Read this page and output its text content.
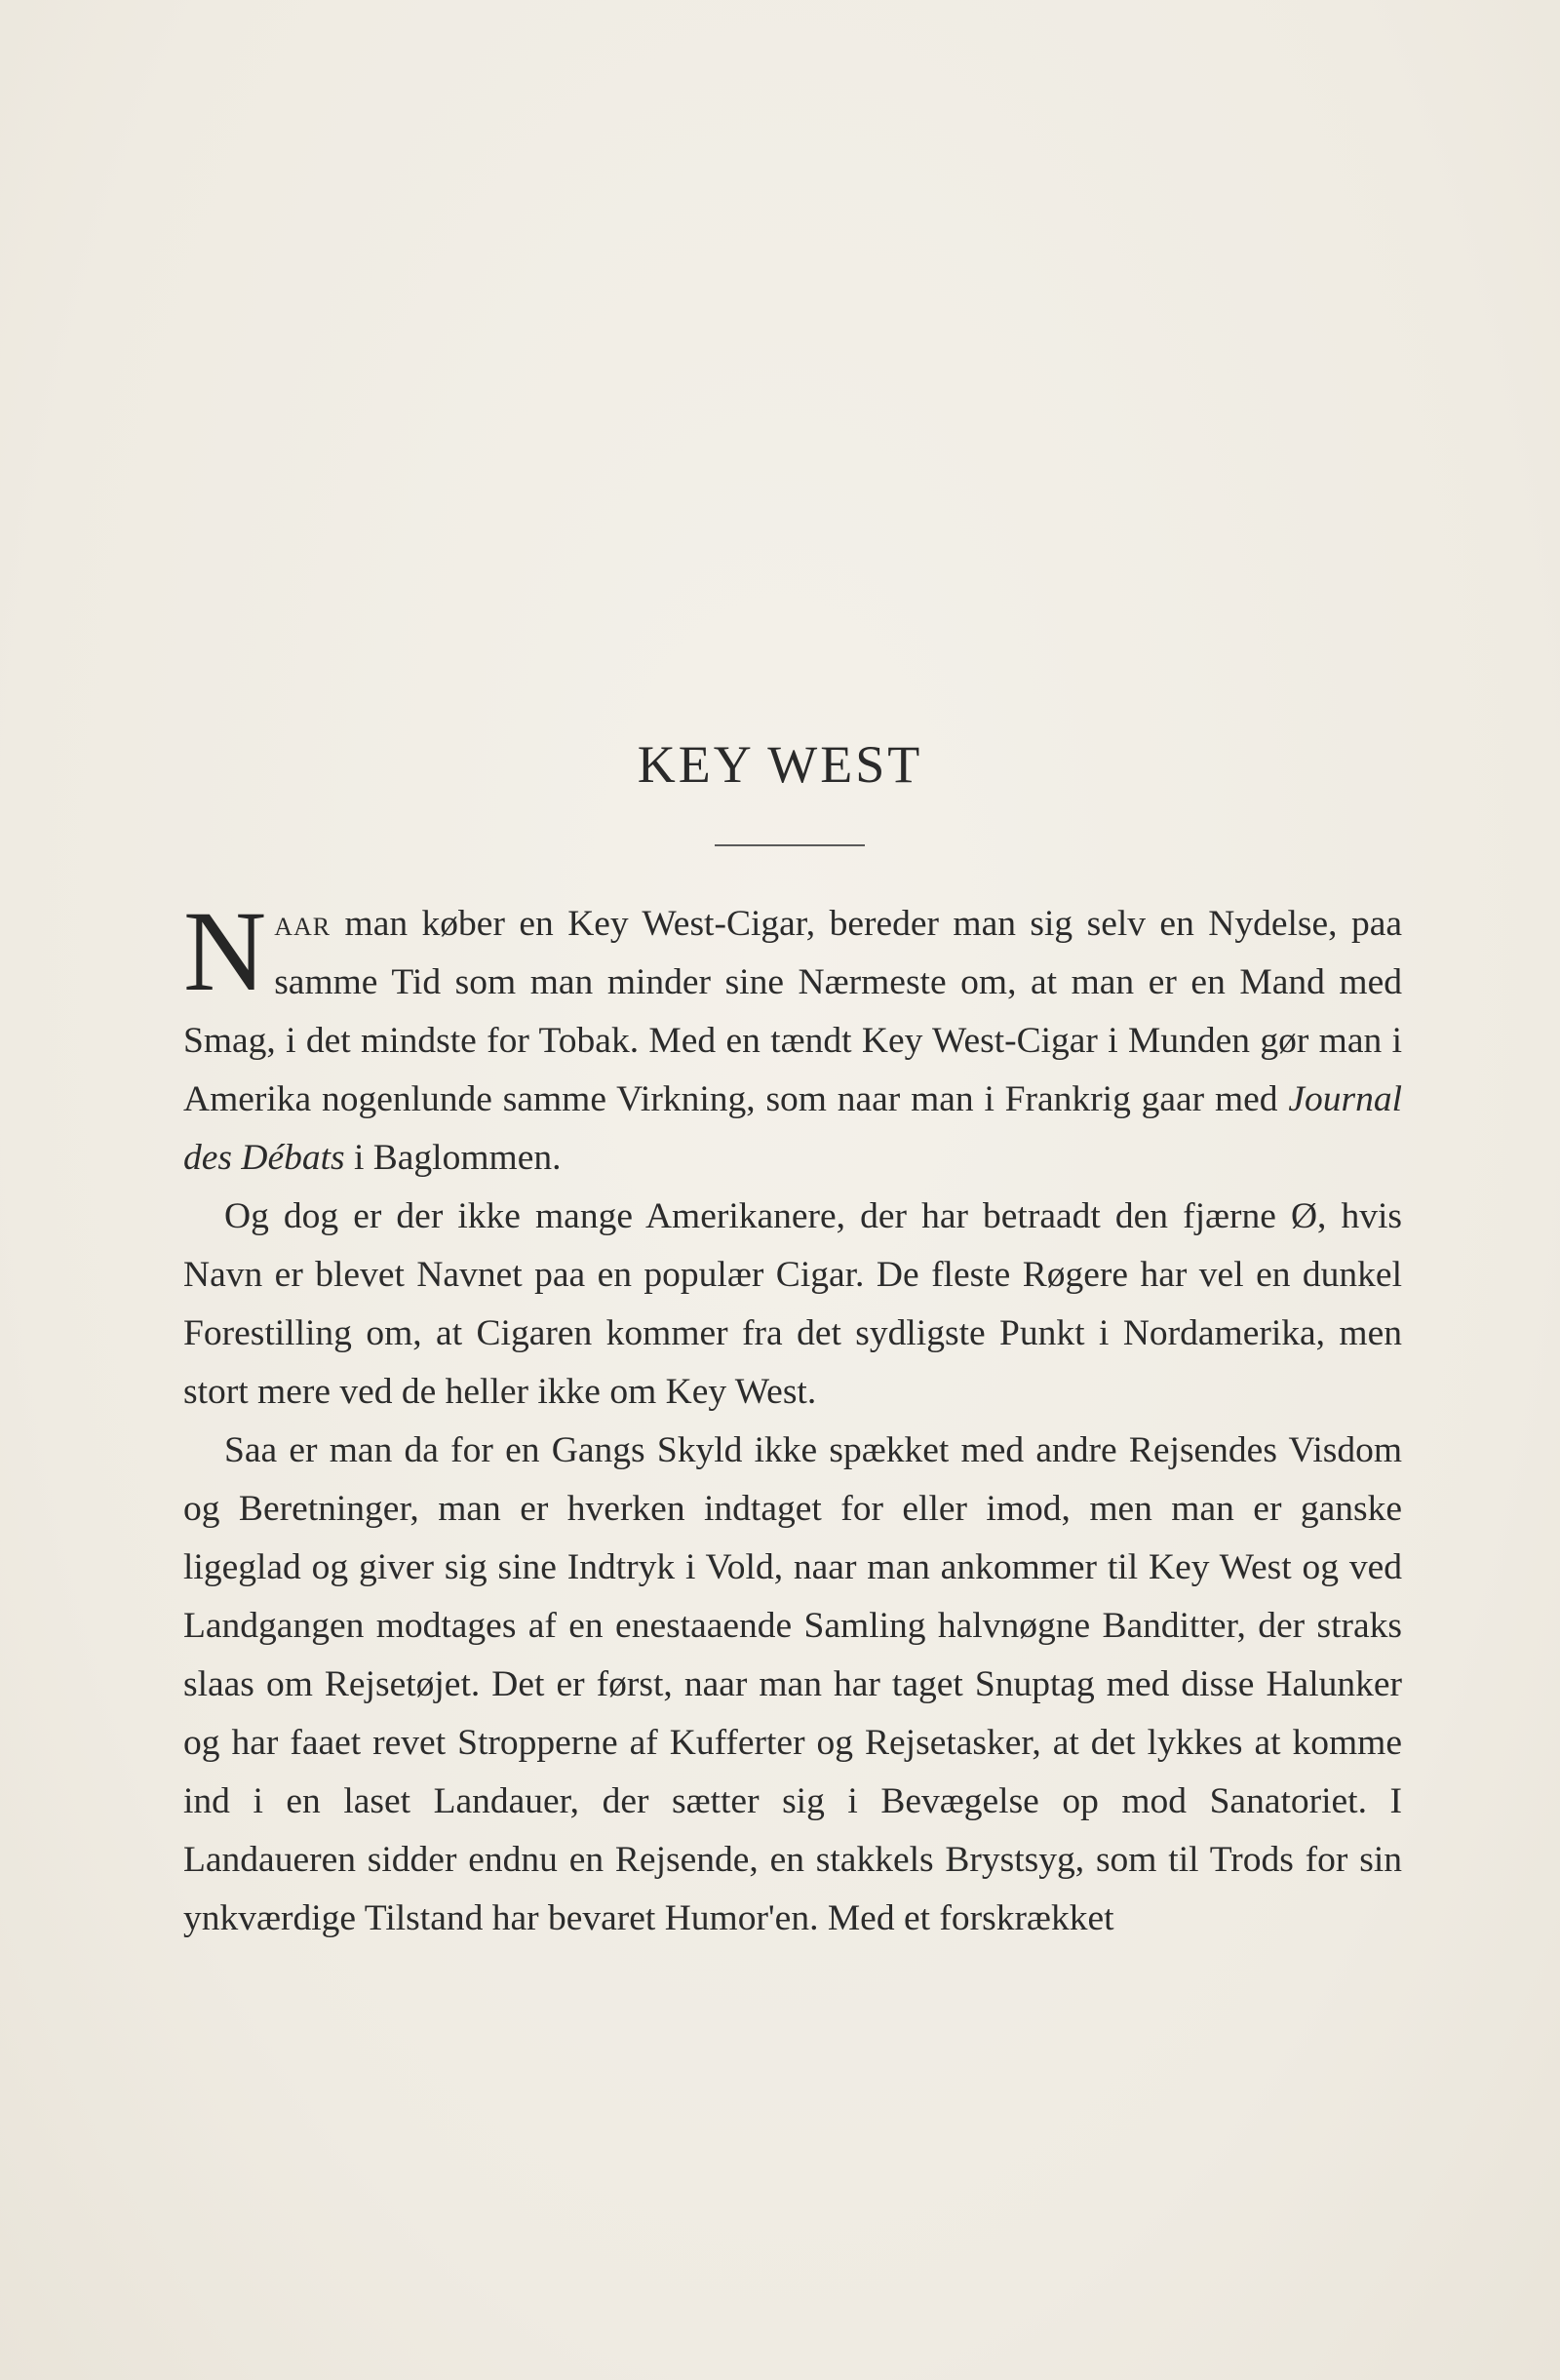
KEY WEST

Naar man køber en Key West-Cigar, bereder man sig selv en Nydelse, paa samme Tid som man minder sine Nærmeste om, at man er en Mand med Smag, i det mindste for Tobak. Med en tændt Key West-Cigar i Munden gør man i Amerika nogenlunde samme Virkning, som naar man i Frankrig gaar med Journal des Débats i Baglommen.

Og dog er der ikke mange Amerikanere, der har betraadt den fjærne Ø, hvis Navn er blevet Navnet paa en populær Cigar. De fleste Røgere har vel en dunkel Forestilling om, at Cigaren kommer fra det sydligste Punkt i Nordamerika, men stort mere ved de heller ikke om Key West.

Saa er man da for en Gangs Skyld ikke spækket med andre Rejsendes Visdom og Beretninger, man er hverken indtaget for eller imod, men man er ganske ligeglad og giver sig sine Indtryk i Vold, naar man ankommer til Key West og ved Landgangen modtages af en enestaaende Samling halvnøgne Banditter, der straks slaas om Rejsetøjet. Det er først, naar man har taget Snuptag med disse Halunker og har faaet revet Stropperne af Kufferter og Rejsetasker, at det lykkes at komme ind i en laset Landauer, der sætter sig i Bevægelse op mod Sanatoriet. I Landaueren sidder endnu en Rejsende, en stakkels Brystsyg, som til Trods for sin ynkværdige Tilstand har bevaret Humor'en. Med et forskrækket
